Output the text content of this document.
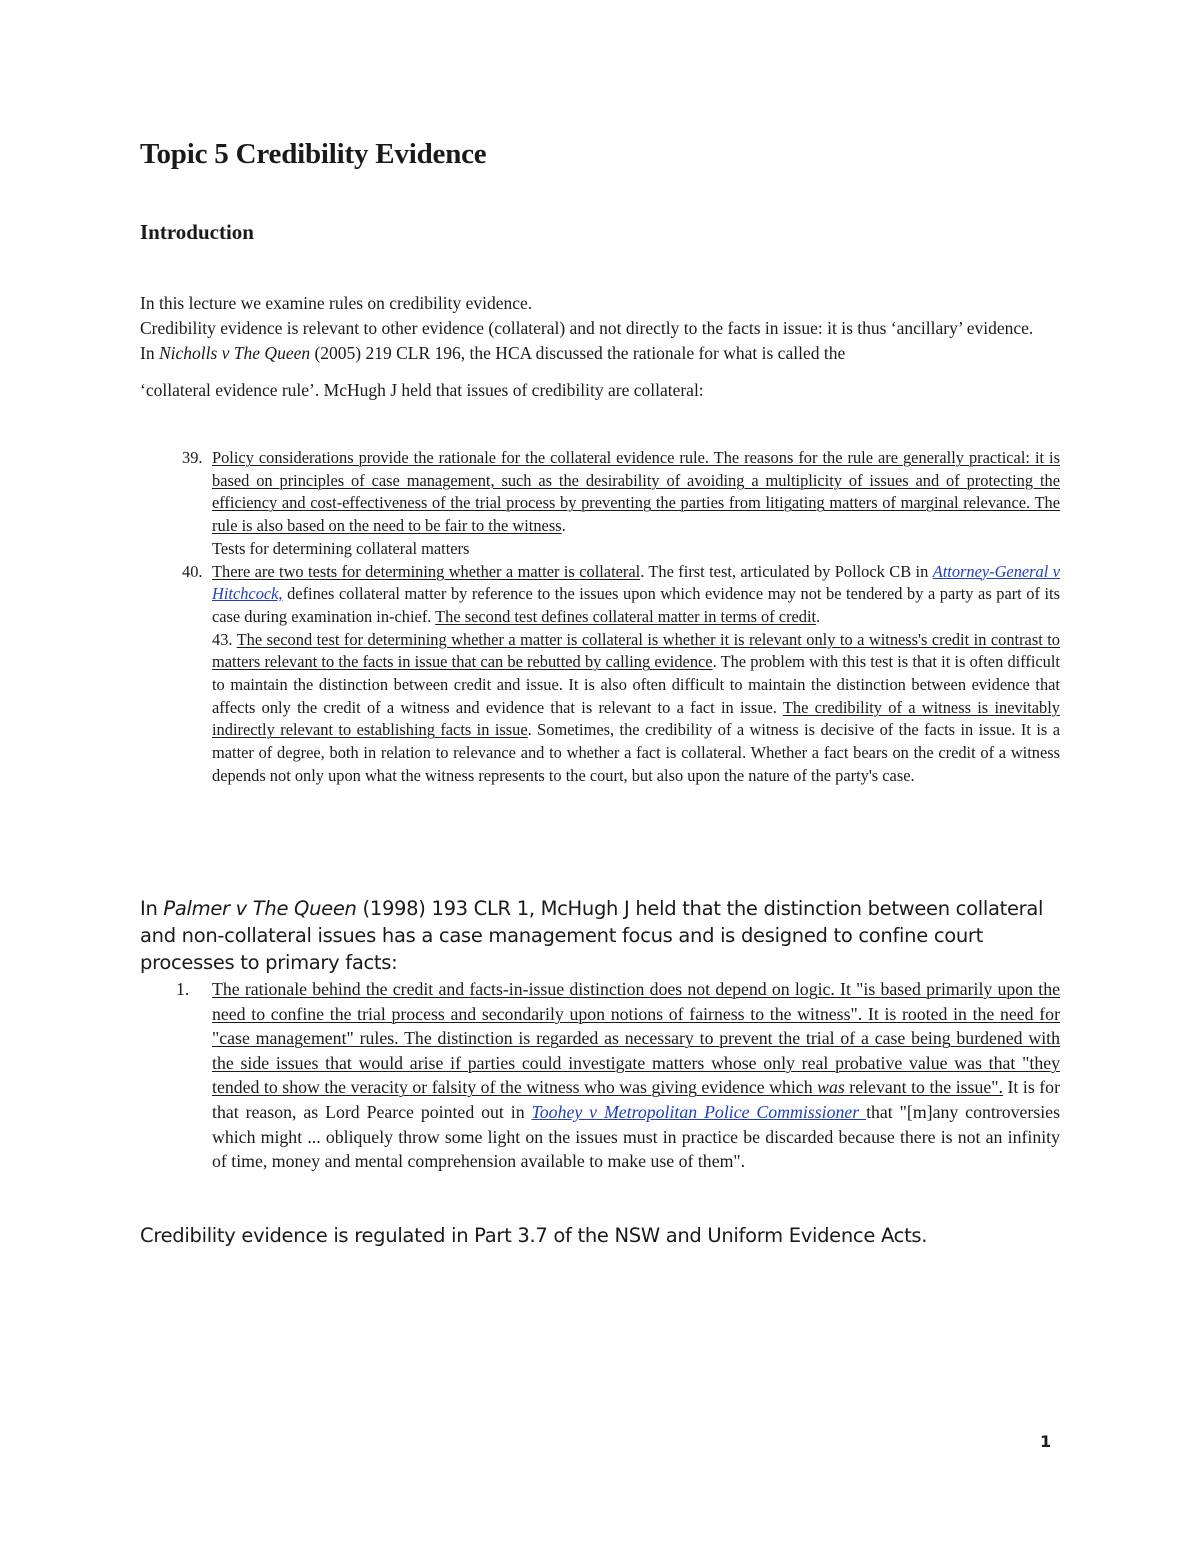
Topic 5 Credibility Evidence
Introduction

In this lecture we examine rules on credibility evidence.

Credibility evidence is relevant to other evidence (collateral) and not directly to the facts in issue: it is thus ‘ancillary’ evidence.

In Nicholls v The Queen (2005) 219 CLR 196, the HCA discussed the rationale for what is called the

‘collateral evidence rule’. McHugh J held that issues of credibility are collateral:

39. Policy considerations provide the rationale for the collateral evidence rule. The reasons for the rule are generally practical: it is based on principles of case management, such as the desirability of avoiding a multiplicity of issues and of protecting the efficiency and cost-effectiveness of the trial process by preventing the parties from litigating matters of marginal relevance. The rule is also based on the need to be fair to the witness.
Tests for determining collateral matters
40. There are two tests for determining whether a matter is collateral. The first test, articulated by Pollock CB in Attorney-General v Hitchcock, defines collateral matter by reference to the issues upon which evidence may not be tendered by a party as part of its case during examination in-chief. The second test defines collateral matter in terms of credit.
43. The second test for determining whether a matter is collateral is whether it is relevant only to a witness's credit in contrast to matters relevant to the facts in issue that can be rebutted by calling evidence. The problem with this test is that it is often difficult to maintain the distinction between credit and issue. It is also often difficult to maintain the distinction between evidence that affects only the credit of a witness and evidence that is relevant to a fact in issue. The credibility of a witness is inevitably indirectly relevant to establishing facts in issue. Sometimes, the credibility of a witness is decisive of the facts in issue. It is a matter of degree, both in relation to relevance and to whether a fact is collateral. Whether a fact bears on the credit of a witness depends not only upon what the witness represents to the court, but also upon the nature of the party's case.

In Palmer v The Queen (1998) 193 CLR 1, McHugh J held that the distinction between collateral and non-collateral issues has a case management focus and is designed to confine court processes to primary facts:

1.	The rationale behind the credit and facts-in-issue distinction does not depend on logic. It "is based primarily upon the need to confine the trial process and secondarily upon notions of fairness to the witness". It is rooted in the need for "case management" rules. The distinction is regarded as necessary to prevent the trial of a case being burdened with the side issues that would arise if parties could investigate matters whose only real probative value was that "they tended to show the veracity or falsity of the witness who was giving evidence which was relevant to the issue". It is for that reason, as Lord Pearce pointed out in Toohey v Metropolitan Police Commissioner that "[m]any controversies which might ... obliquely throw some light on the issues must in practice be discarded because there is not an infinity of time, money and mental comprehension available to make use of them".

Credibility evidence is regulated in Part 3.7 of the NSW and Uniform Evidence Acts.

1
